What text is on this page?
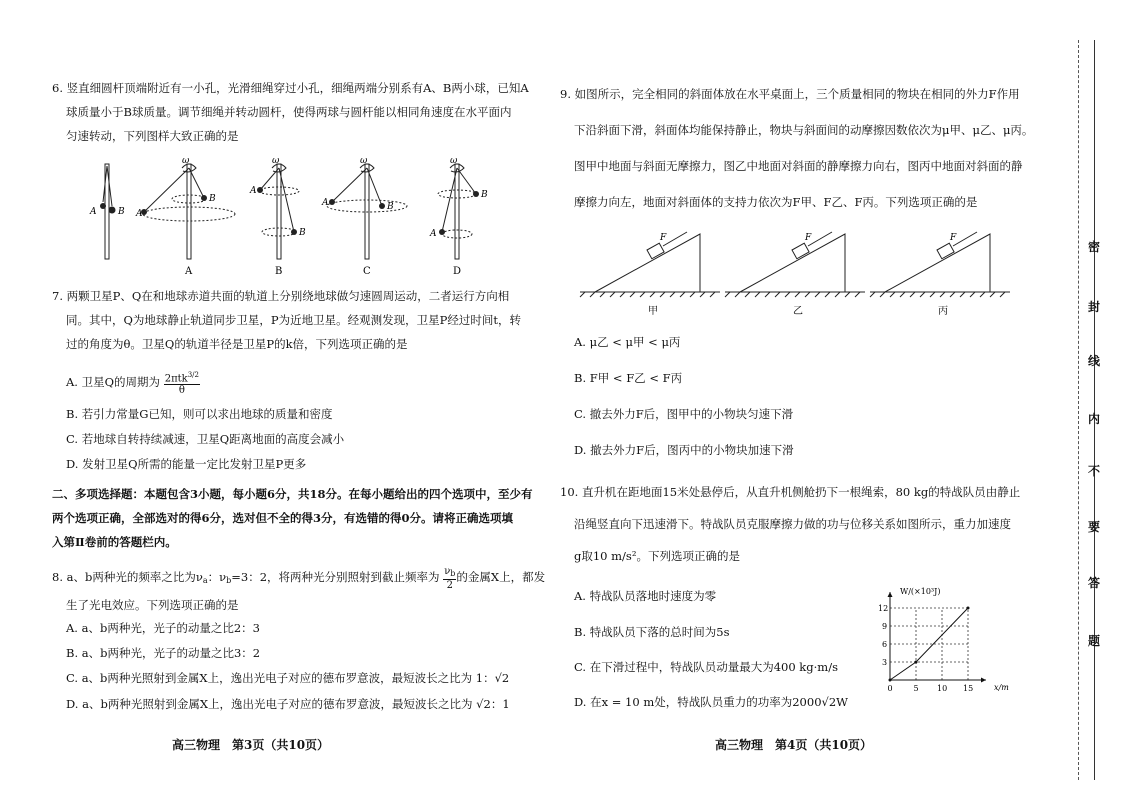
6. 竖直细圆杆顶端附近有一小孔，光滑细绳穿过小孔，细绳两端分别系有A、B两小球，已知A
球质量小于B球质量。调节细绳并转动圆杆，使得两球与圆杆能以相同角速度在水平面内
匀速转动，下列图样大致正确的是
A B
ω
A
B
ω
A
B
ω
A	B
ω
B
A
A	B	C	D
7. 两颗卫星P、Q在和地球赤道共面的轨道上分别绕地球做匀速圆周运动，二者运行方向相
同。其中，Q为地球静止轨道同步卫星，P为近地卫星。经观测发现，卫星P经过时间t，转
过的角度为θ。卫星Q的轨道半径是卫星P的k倍，下列选项正确的是
A. 卫星Q的周期为 $\frac{2\pi tk^{3/2}}{\theta}$
B. 若引力常量G已知，则可以求出地球的质量和密度
C. 若地球自转持续减速，卫星Q距离地面的高度会减小
D. 发射卫星Q所需的能量一定比发射卫星P更多
二、多项选择题：本题包含3小题，每小题6分，共18分。在每小题给出的四个选项中，至少有
两个选项正确，全部选对的得6分，选对但不全的得3分，有选错的得0分。请将正确选项填
入第Ⅱ卷前的答题栏内。
8. a、b两种光的频率之比为$\nu_a$：$\nu_b=3$：2，将两种光分别照射到截止频率为 $\frac{\nu_b}{2}$ 的金属X上，都发
生了光电效应。下列选项正确的是
A. a、b两种光，光子的动量之比2：3
B. a、b两种光，光子的动量之比3：2
C. a、b两种光照射到金属X上，逸出光电子对应的德布罗意波，最短波长之比为 1：√2
D. a、b两种光照射到金属X上，逸出光电子对应的德布罗意波，最短波长之比为 √2：1
高三物理　第3页（共10页）
9. 如图所示，完全相同的斜面体放在水平桌面上，三个质量相同的物块在相同的外力F作用
下沿斜面下滑，斜面体均能保持静止，物块与斜面间的动摩擦因数依次为μ甲、μ乙、μ丙。
图甲中地面与斜面无摩擦力，图乙中地面对斜面的静摩擦力向右，图丙中地面对斜面的静
摩擦力向左，地面对斜面体的支持力依次为F甲、F乙、F丙。下列选项正确的是
F	F	F
甲	乙	丙
A. μ乙 < μ甲 < μ丙
B. F甲 < F乙 < F丙
C. 撤去外力F后，图甲中的小物块匀速下滑
D. 撤去外力F后，图丙中的小物块加速下滑
10. 直升机在距地面15米处悬停后，从直升机侧舱扔下一根绳索，80 kg的特战队员由静止
沿绳竖直向下迅速滑下。特战队员克服摩擦力做的功与位移关系如图所示，重力加速度
g取10 m/s²。下列选项正确的是
A. 特战队员落地时速度为零
B. 特战队员下落的总时间为5s
C. 在下滑过程中，特战队员动量最大为400 kg·m/s
D. 在x = 10 m处，特战队员重力的功率为2000√2W
0	5 10 15
3
6
9
12
W/(×10³J)
x/m
高三物理　第4页（共10页）
密
封
线
内
不
要
答
题
